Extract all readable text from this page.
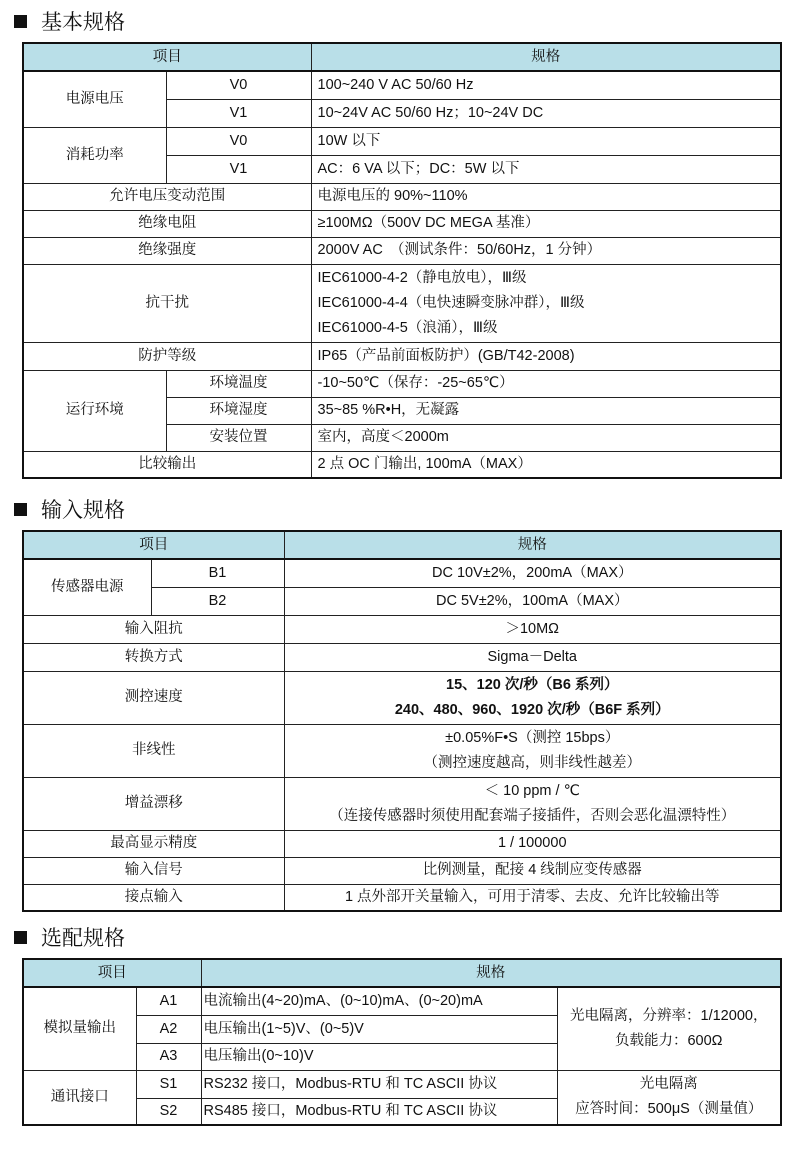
基本规格
项目		规格
电源电压	V0	100~240 V AC 50/60 Hz
	V1	10~24V AC 50/60 Hz；10~24V DC
消耗功率	V0	10W 以下
	V1	AC：6 VA 以下；DC：5W 以下
允许电压变动范围		电源电压的 90%~110%
绝缘电阻		≥100MΩ（500V DC MEGA 基准）
绝缘强度		2000V AC　（测试条件：50/60Hz，1 分钟）
抗干扰		IEC61000-4-2（静电放电），Ⅲ级
IEC61000-4-4（电快速瞬变脉冲群），Ⅲ级
IEC61000-4-5（浪涌），Ⅲ级

防护等级		IP65（产品前面板防护）(GB/T42-2008)
运行环境	环境温度	-10~50℃（保存：-25~65℃）
	环境湿度	35~85 %R•H，无凝露
	安装位置	室内，高度＜2000m
比较输出		2 点 OC 门输出, 100mA（MAX）
输入规格
项目		规格
传感器电源	B1	DC 10V±2%，200mA（MAX）
	B2	DC 5V±2%，100mA（MAX）
输入阻抗		＞10MΩ
转换方式		Sigma－Delta
测控速度		15、120 次/秒（B6 系列）
240、480、960、1920 次/秒（B6F 系列）

非线性		±0.05%F•S（测控 15bps）
（测控速度越高，则非线性越差）

增益漂移		＜ 10 ppm / ℃
（连接传感器时须使用配套端子接插件，否则会恶化温漂特性）

最高显示精度		1 / 100000
输入信号		比例测量，配接 4 线制应变传感器
接点输入		1 点外部开关量输入，可用于清零、去皮、允许比较输出等
选配规格
项目		规格	
模拟量输出	A1	电流输出(4~20)mA、(0~10)mA、(0~20)mA	光电隔离，分辨率：1/12000，
负载能力：600Ω

	A2	电压输出(1~5)V、(0~5)V	
	A3	电压输出(0~10)V	
通讯接口	S1	RS232 接口，Modbus-RTU 和 TC ASCII 协议	光电隔离
应答时间：500μS（测量值）

	S2	RS485 接口，Modbus-RTU 和 TC ASCII 协议	
